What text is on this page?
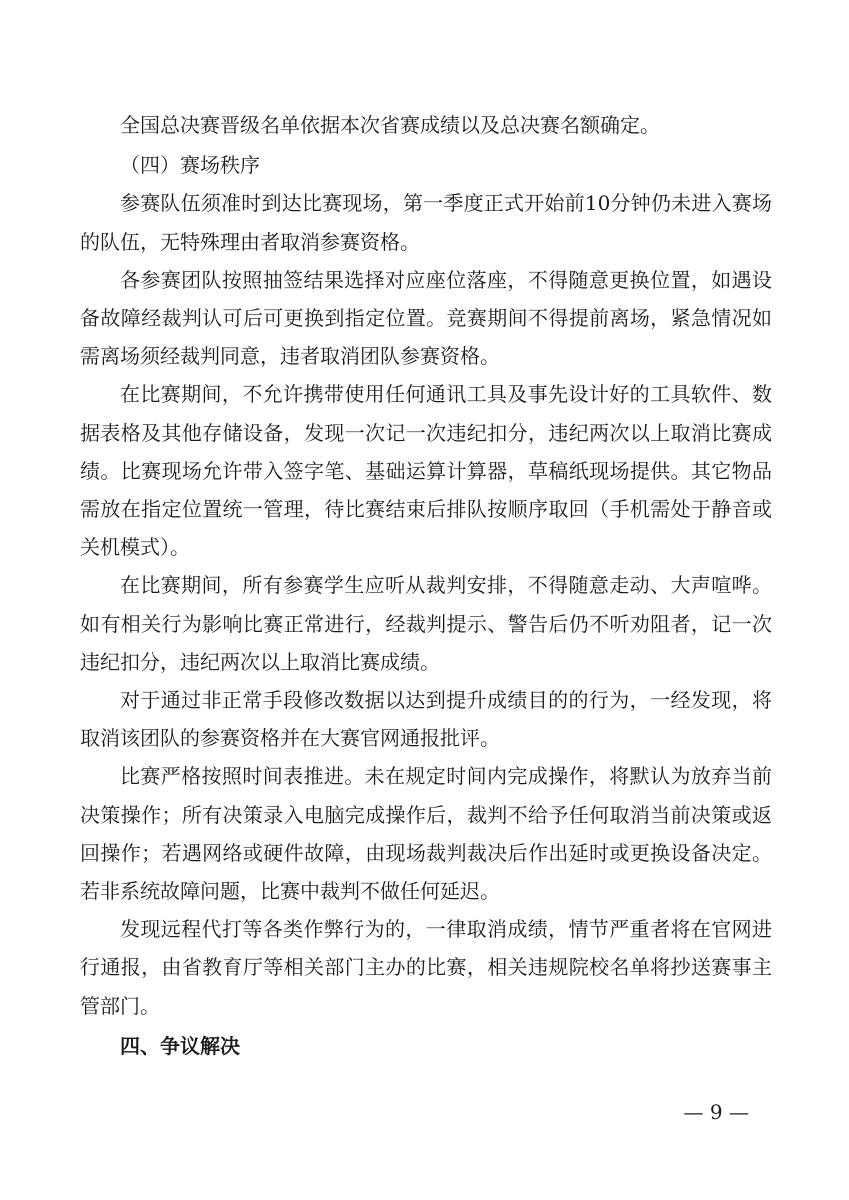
全国总决赛晋级名单依据本次省赛成绩以及总决赛名额确定。

（四）赛场秩序

参赛队伍须准时到达比赛现场，第一季度正式开始前10分钟仍未进入赛场的队伍，无特殊理由者取消参赛资格。

各参赛团队按照抽签结果选择对应座位落座，不得随意更换位置，如遇设备故障经裁判认可后可更换到指定位置。竞赛期间不得提前离场，紧急情况如需离场须经裁判同意，违者取消团队参赛资格。

在比赛期间，不允许携带使用任何通讯工具及事先设计好的工具软件、数据表格及其他存储设备，发现一次记一次违纪扣分，违纪两次以上取消比赛成绩。比赛现场允许带入签字笔、基础运算计算器，草稿纸现场提供。其它物品需放在指定位置统一管理，待比赛结束后排队按顺序取回（手机需处于静音或关机模式）。

在比赛期间，所有参赛学生应听从裁判安排，不得随意走动、大声喧哗。如有相关行为影响比赛正常进行，经裁判提示、警告后仍不听劝阻者，记一次违纪扣分，违纪两次以上取消比赛成绩。

对于通过非正常手段修改数据以达到提升成绩目的的行为，一经发现，将取消该团队的参赛资格并在大赛官网通报批评。

比赛严格按照时间表推进。未在规定时间内完成操作，将默认为放弃当前决策操作；所有决策录入电脑完成操作后，裁判不给予任何取消当前决策或返回操作；若遇网络或硬件故障，由现场裁判裁决后作出延时或更换设备决定。若非系统故障问题，比赛中裁判不做任何延迟。

发现远程代打等各类作弊行为的，一律取消成绩，情节严重者将在官网进行通报，由省教育厅等相关部门主办的比赛，相关违规院校名单将抄送赛事主管部门。

四、争议解决

— 9 —
